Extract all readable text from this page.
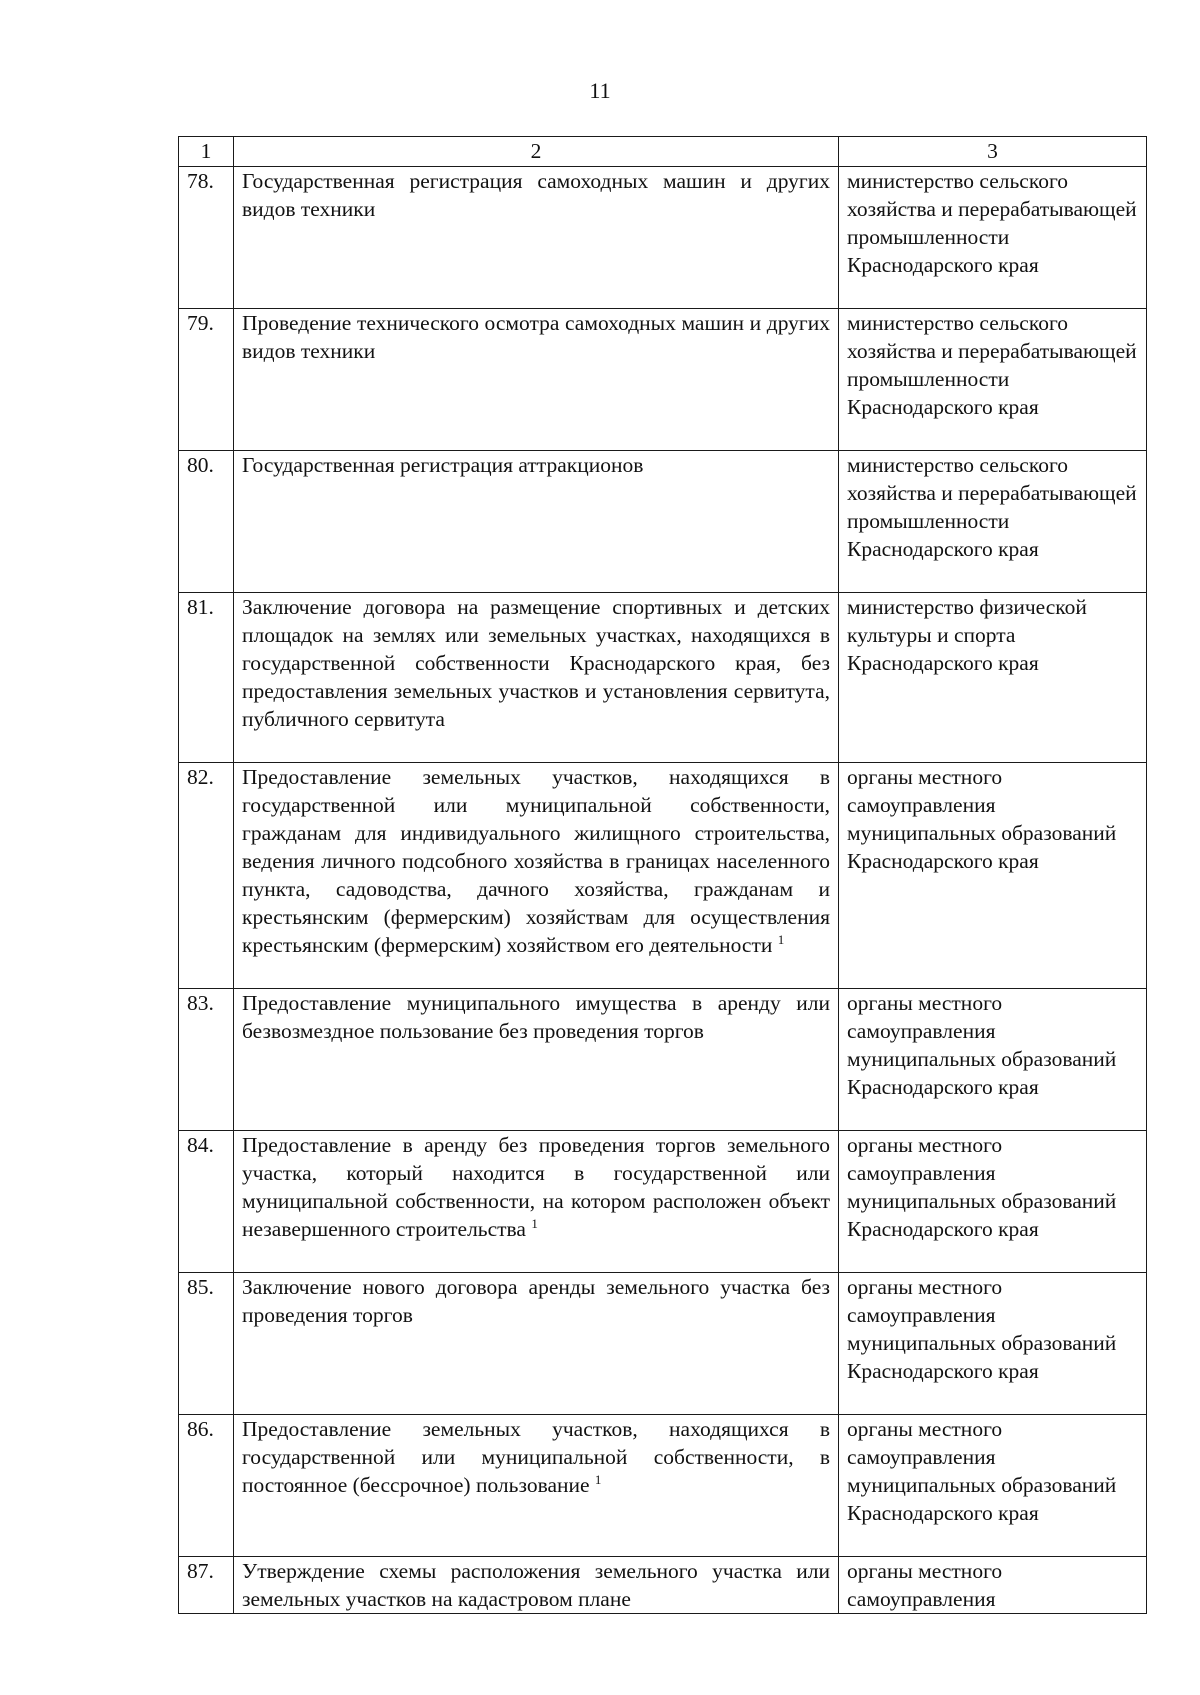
11
1	2	3
78.	Государственная регистрация самоходных машин и других видов техники	министерство сельского хозяйства и перерабатывающей промышленности Краснодарского края
79.	Проведение технического осмотра самоходных машин и других видов техники	министерство сельского хозяйства и перерабатывающей промышленности Краснодарского края
80.	Государственная регистрация аттракционов	министерство сельского хозяйства и перерабатывающей промышленности Краснодарского края
81.	Заключение договора на размещение спортивных и детских площадок на землях или земельных участках, находящихся в государственной собственности Краснодарского края, без предоставления земельных участков и установления сервитута, публичного сервитута	министерство физической культуры и спорта Краснодарского края
82.	Предоставление земельных участков, находящихся в государственной или муниципальной собственности, гражданам для индивидуального жилищного строительства, ведения личного подсобного хозяйства в границах населенного пункта, садоводства, дачного хозяйства, гражданам и крестьянским (фермерским) хозяйствам для осуществления крестьянским (фермерским) хозяйством его деятельности $^1$	органы местного самоуправления муниципальных образований Краснодарского края
83.	Предоставление муниципального имущества в аренду или безвозмездное пользование без проведения торгов	органы местного самоуправления муниципальных образований Краснодарского края
84.	Предоставление в аренду без проведения торгов земельного участка, который находится в государственной или муниципальной собственности, на котором расположен объект незавершенного строительства $^1$	органы местного самоуправления муниципальных образований Краснодарского края
85.	Заключение нового договора аренды земельного участка без проведения торгов	органы местного самоуправления муниципальных образований Краснодарского края
86.	Предоставление земельных участков, находящихся в государственной или муниципальной собственности, в постоянное (бессрочное) пользование $^1$	органы местного самоуправления муниципальных образований Краснодарского края
87.	Утверждение схемы расположения земельного участка или земельных участков на кадастровом плане	органы местного самоуправления
